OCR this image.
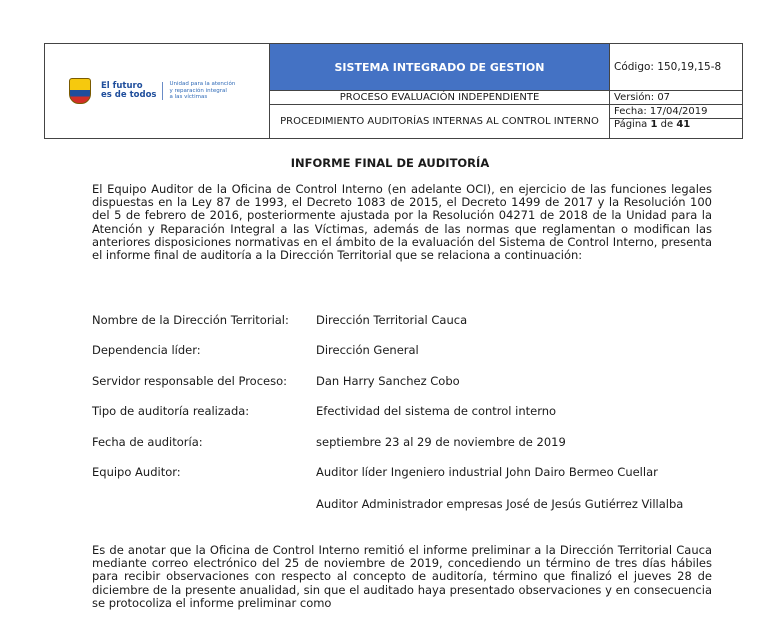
El futuro
es de todos
Unidad para la atención
y reparación integral
a las víctimas	SISTEMA INTEGRADO DE GESTION	Código: 150,19,15-8
	PROCESO EVALUACIÓN INDEPENDIENTE	Versión: 07
	PROCEDIMIENTO AUDITORÍAS INTERNAS AL CONTROL INTERNO	Fecha: 17/04/2019
Página 1 de 41
INFORME FINAL DE AUDITORÍA

El Equipo Auditor de la Oficina de Control Interno (en adelante OCI), en ejercicio de las funciones legales dispuestas en la Ley 87 de 1993, el Decreto 1083 de 2015, el Decreto 1499 de 2017 y la Resolución 100 del 5 de febrero de 2016, posteriormente ajustada por la Resolución 04271 de 2018 de la Unidad para la Atención y Reparación Integral a las Víctimas, además de las normas que reglamentan o modifican las anteriores disposiciones normativas en el ámbito de la evaluación del Sistema de Control Interno, presenta el informe final de auditoría a la Dirección Territorial que se relaciona a continuación:

Nombre de la Dirección Territorial: Dirección Territorial Cauca
Dependencia líder:	Dirección General
Servidor responsable del Proceso:	Dan Harry Sanchez Cobo
Tipo de auditoría realizada:	Efectividad del sistema de control interno
Fecha de auditoría:	septiembre 23 al 29 de noviembre de 2019
Equipo Auditor:	Auditor líder Ingeniero industrial John Dairo Bermeo Cuellar
Auditor Administrador empresas José de Jesús Gutiérrez Villalba

Es de anotar que la Oficina de Control Interno remitió el informe preliminar a la Dirección Territorial Cauca mediante correo electrónico del 25 de noviembre de 2019, concediendo un término de tres días hábiles para recibir observaciones con respecto al concepto de auditoría, término que finalizó el jueves 28 de diciembre de la presente anualidad, sin que el auditado haya presentado observaciones y en consecuencia se protocoliza el informe preliminar como
